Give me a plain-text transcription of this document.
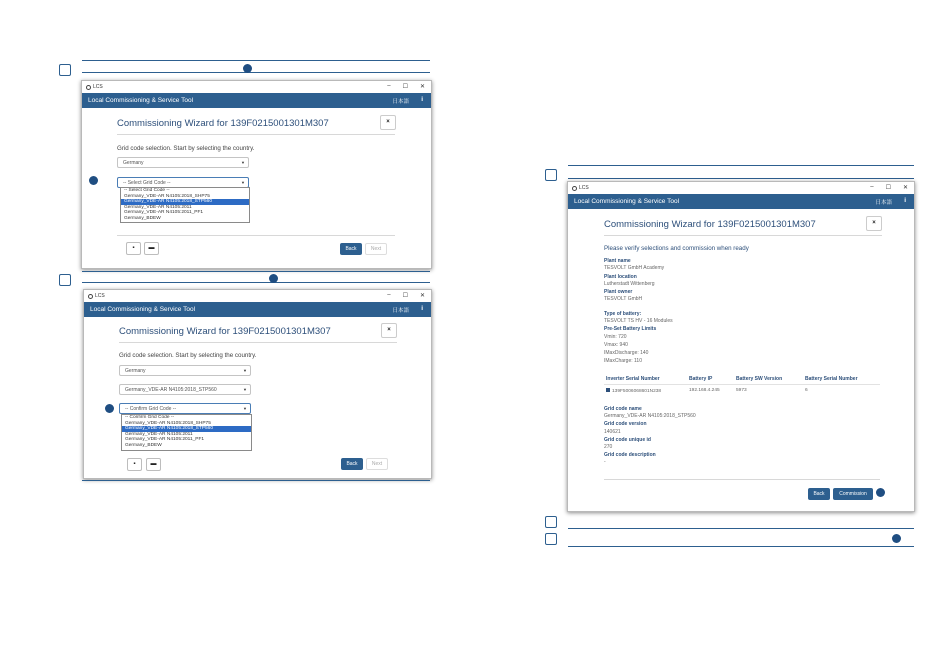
LCS	– ☐ ✕
Local Commissioning & Service Tool	日本語 i
Commissioning Wizard for 139F0215001301M307	×
Grid code selection. Start by selecting the country.
Germany	▼
-- Select Grid Code --	▼
-- Select Grid Code --
Germany_VDE-AR N4105:2018_SHP75
Germany_VDE-AR N4105:2018_STP560
Germany_VDE-AR N4105:2011
Germany_VDE-AR N4105:2011_PF1
Germany_BDEW
▪	▬	Back	Next
LCS	– ☐ ✕
Local Commissioning & Service Tool	日本語 i
Commissioning Wizard for 139F0215001301M307	×
Grid code selection. Start by selecting the country.
Germany	▼
Germany_VDE-AR N4105:2018_STP560	▼
-- Confirm Grid Code --	▼
-- Confirm Grid Code --
Germany_VDE-AR N4105:2018_SHP75
Germany_VDE-AR N4105:2018_STP560
Germany_VDE-AR N4105:2011
Germany_VDE-AR N4105:2011_PF1
Germany_BDEW
▪	▬	Back	Next
LCS	– ☐ ✕
Local Commissioning & Service Tool	日本語 i
Commissioning Wizard for 139F0215001301M307	×
Please verify selections and commission when ready
Plant name
TESVOLT GmbH Academy
Plant location
Lutherstadt Wittenberg
Plant owner
TESVOLT GmbH
Type of battery:
TESVOLT TS HV - 16 Modules
Pre-Set Battery Limits
Vmin: 720
Vmax: 940
IMaxDischarge: 140
IMaxCharge: 110
Inverter Serial Number	Battery IP	Battery SW Version	Battery Serial Number
139F5006068601N238	192.168.4.245	5973	6
Grid code name
Germany_VDE-AR N4105:2018_STP560
Grid code version
140621
Grid code unique id
270
Grid code description
-
Back	Commission
